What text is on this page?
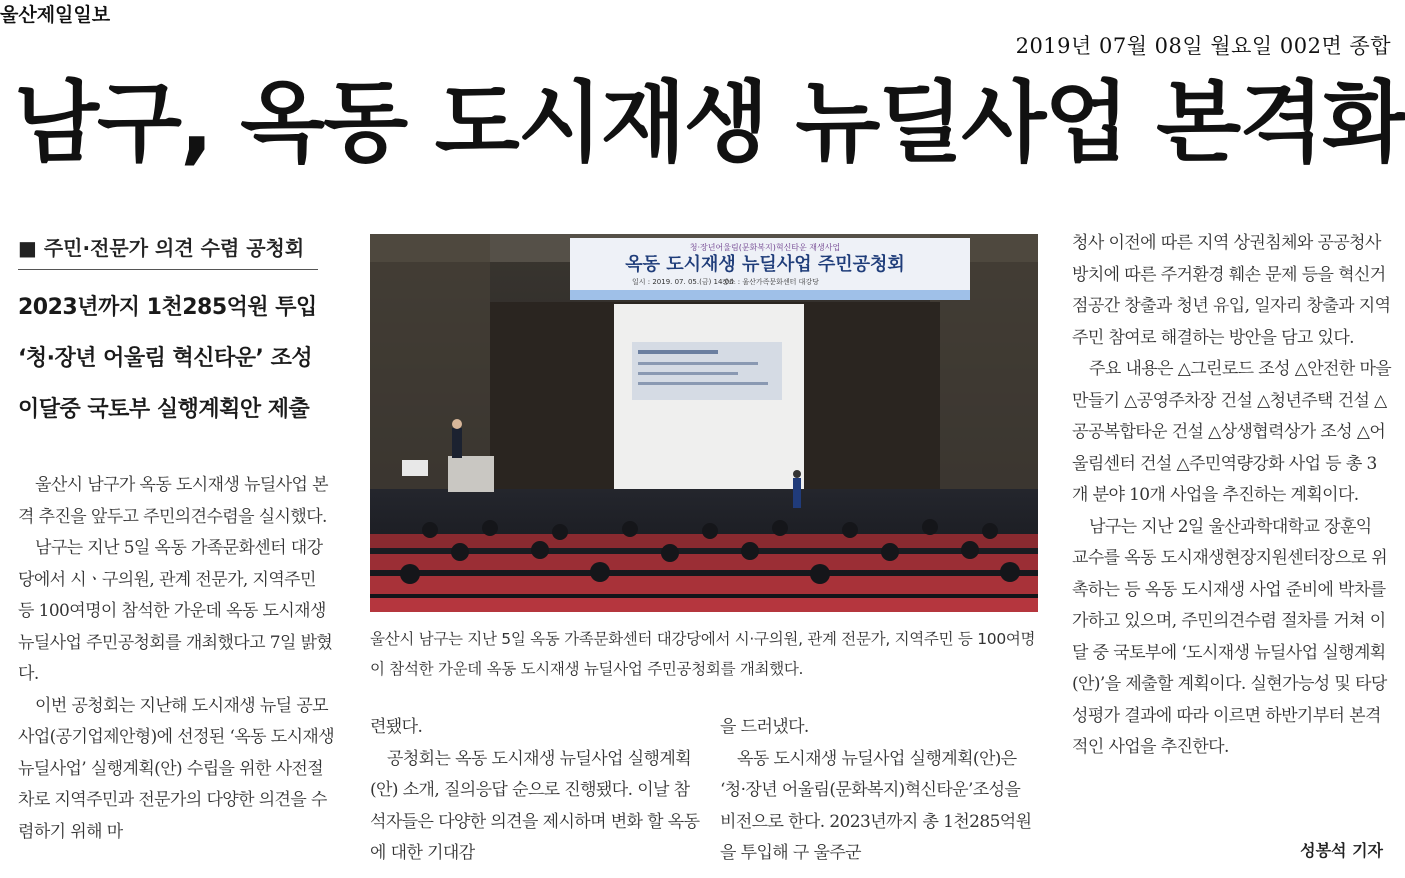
울산제일일보
2019년 07월 08일 월요일 002면 종합
남구, 옥동 도시재생 뉴딜사업 본격화
■ 주민·전문가 의견 수렴 공청회
2023년까지 1천285억원 투입
‘청·장년 어울림 혁신타운’ 조성
이달중 국토부 실행계획안 제출

울산시 남구가 옥동 도시재생 뉴딜사업 본격 추진을 앞두고 주민의견수렴을 실시했다.

남구는 지난 5일 옥동 가족문화센터 대강당에서 시ㆍ구의원, 관계 전문가, 지역주민 등 100여명이 참석한 가운데 옥동 도시재생 뉴딜사업 주민공청회를 개최했다고 7일 밝혔다.

이번 공청회는 지난해 도시재생 뉴딜 공모사업(공기업제안형)에 선정된 ‘옥동 도시재생 뉴딜사업’ 실행계획(안) 수립을 위한 사전절차로 지역주민과 전문가의 다양한 의견을 수렴하기 위해 마

청·장년어울림(문화복지)혁신타운 재생사업
옥동 도시재생 뉴딜사업 주민공청회
일시 : 2019. 07. 05.(금) 14:00
장소 : 울산가족문화센터 대강당
울산시 남구는 지난 5일 옥동 가족문화센터 대강당에서 시·구의원, 관계 전문가, 지역주민 등 100여명이 참석한 가운데 옥동 도시재생 뉴딜사업 주민공청회를 개최했다.

련됐다.

공청회는 옥동 도시재생 뉴딜사업 실행계획(안) 소개, 질의응답 순으로 진행됐다. 이날 참석자들은 다양한 의견을 제시하며 변화 할 옥동에 대한 기대감

을 드러냈다.

옥동 도시재생 뉴딜사업 실행계획(안)은 ‘청·장년 어울림(문화복지)혁신타운’조성을 비전으로 한다. 2023년까지 총 1천285억원을 투입해 구 울주군

청사 이전에 따른 지역 상권침체와 공공청사 방치에 따른 주거환경 훼손 문제 등을 혁신거점공간 창출과 청년 유입, 일자리 창출과 지역주민 참여로 해결하는 방안을 담고 있다.

주요 내용은 △그린로드 조성 △안전한 마을 만들기 △공영주차장 건설 △청년주택 건설 △공공복합타운 건설 △상생협력상가 조성 △어울림센터 건설 △주민역량강화 사업 등 총 3개 분야 10개 사업을 추진하는 계획이다.

남구는 지난 2일 울산과학대학교 장훈익 교수를 옥동 도시재생현장지원센터장으로 위촉하는 등 옥동 도시재생 사업 준비에 박차를 가하고 있으며, 주민의견수렴 절차를 거쳐 이달 중 국토부에 ‘도시재생 뉴딜사업 실행계획(안)’을 제출할 계획이다. 실현가능성 및 타당성평가 결과에 따라 이르면 하반기부터 본격적인 사업을 추진한다.

성봉석 기자
